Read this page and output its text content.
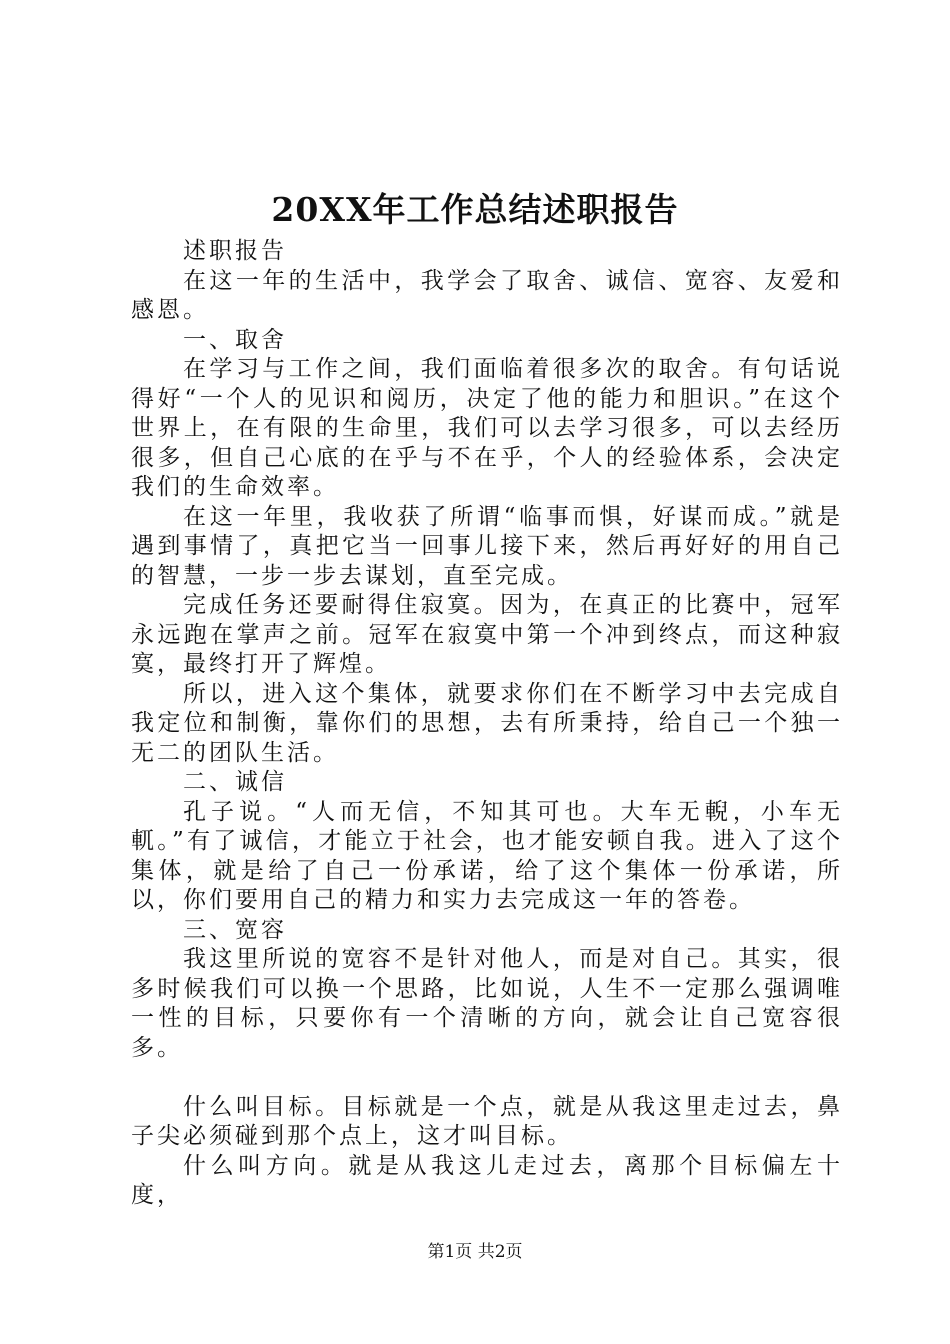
20XX年工作总结述职报告

述职报告

在这一年的生活中，我学会了取舍、诚信、宽容、友爱和感恩。

一、取舍

在学习与工作之间，我们面临着很多次的取舍。有句话说得好“一个人的见识和阅历，决定了他的能力和胆识。”在这个世界上，在有限的生命里，我们可以去学习很多，可以去经历很多，但自己心底的在乎与不在乎，个人的经验体系，会决定我们的生命效率。

在这一年里，我收获了所谓“临事而惧，好谋而成。”就是遇到事情了，真把它当一回事儿接下来，然后再好好的用自己的智慧，一步一步去谋划，直至完成。

完成任务还要耐得住寂寞。因为，在真正的比赛中，冠军永远跑在掌声之前。冠军在寂寞中第一个冲到终点，而这种寂寞，最终打开了辉煌。

所以，进入这个集体，就要求你们在不断学习中去完成自我定位和制衡，靠你们的思想，去有所秉持，给自己一个独一无二的团队生活。

二、诚信

孔子说。“人而无信，不知其可也。大车无輗，小车无軏。”有了诚信，才能立于社会，也才能安顿自我。进入了这个集体，就是给了自己一份承诺，给了这个集体一份承诺，所以，你们要用自己的精力和实力去完成这一年的答卷。

三、宽容

我这里所说的宽容不是针对他人，而是对自己。其实，很多时候我们可以换一个思路，比如说，人生不一定那么强调唯一性的目标，只要你有一个清晰的方向，就会让自己宽容很多。

什么叫目标。目标就是一个点，就是从我这里走过去，鼻子尖必须碰到那个点上，这才叫目标。

什么叫方向。就是从我这儿走过去，离那个目标偏左十度，

第1页 共2页
